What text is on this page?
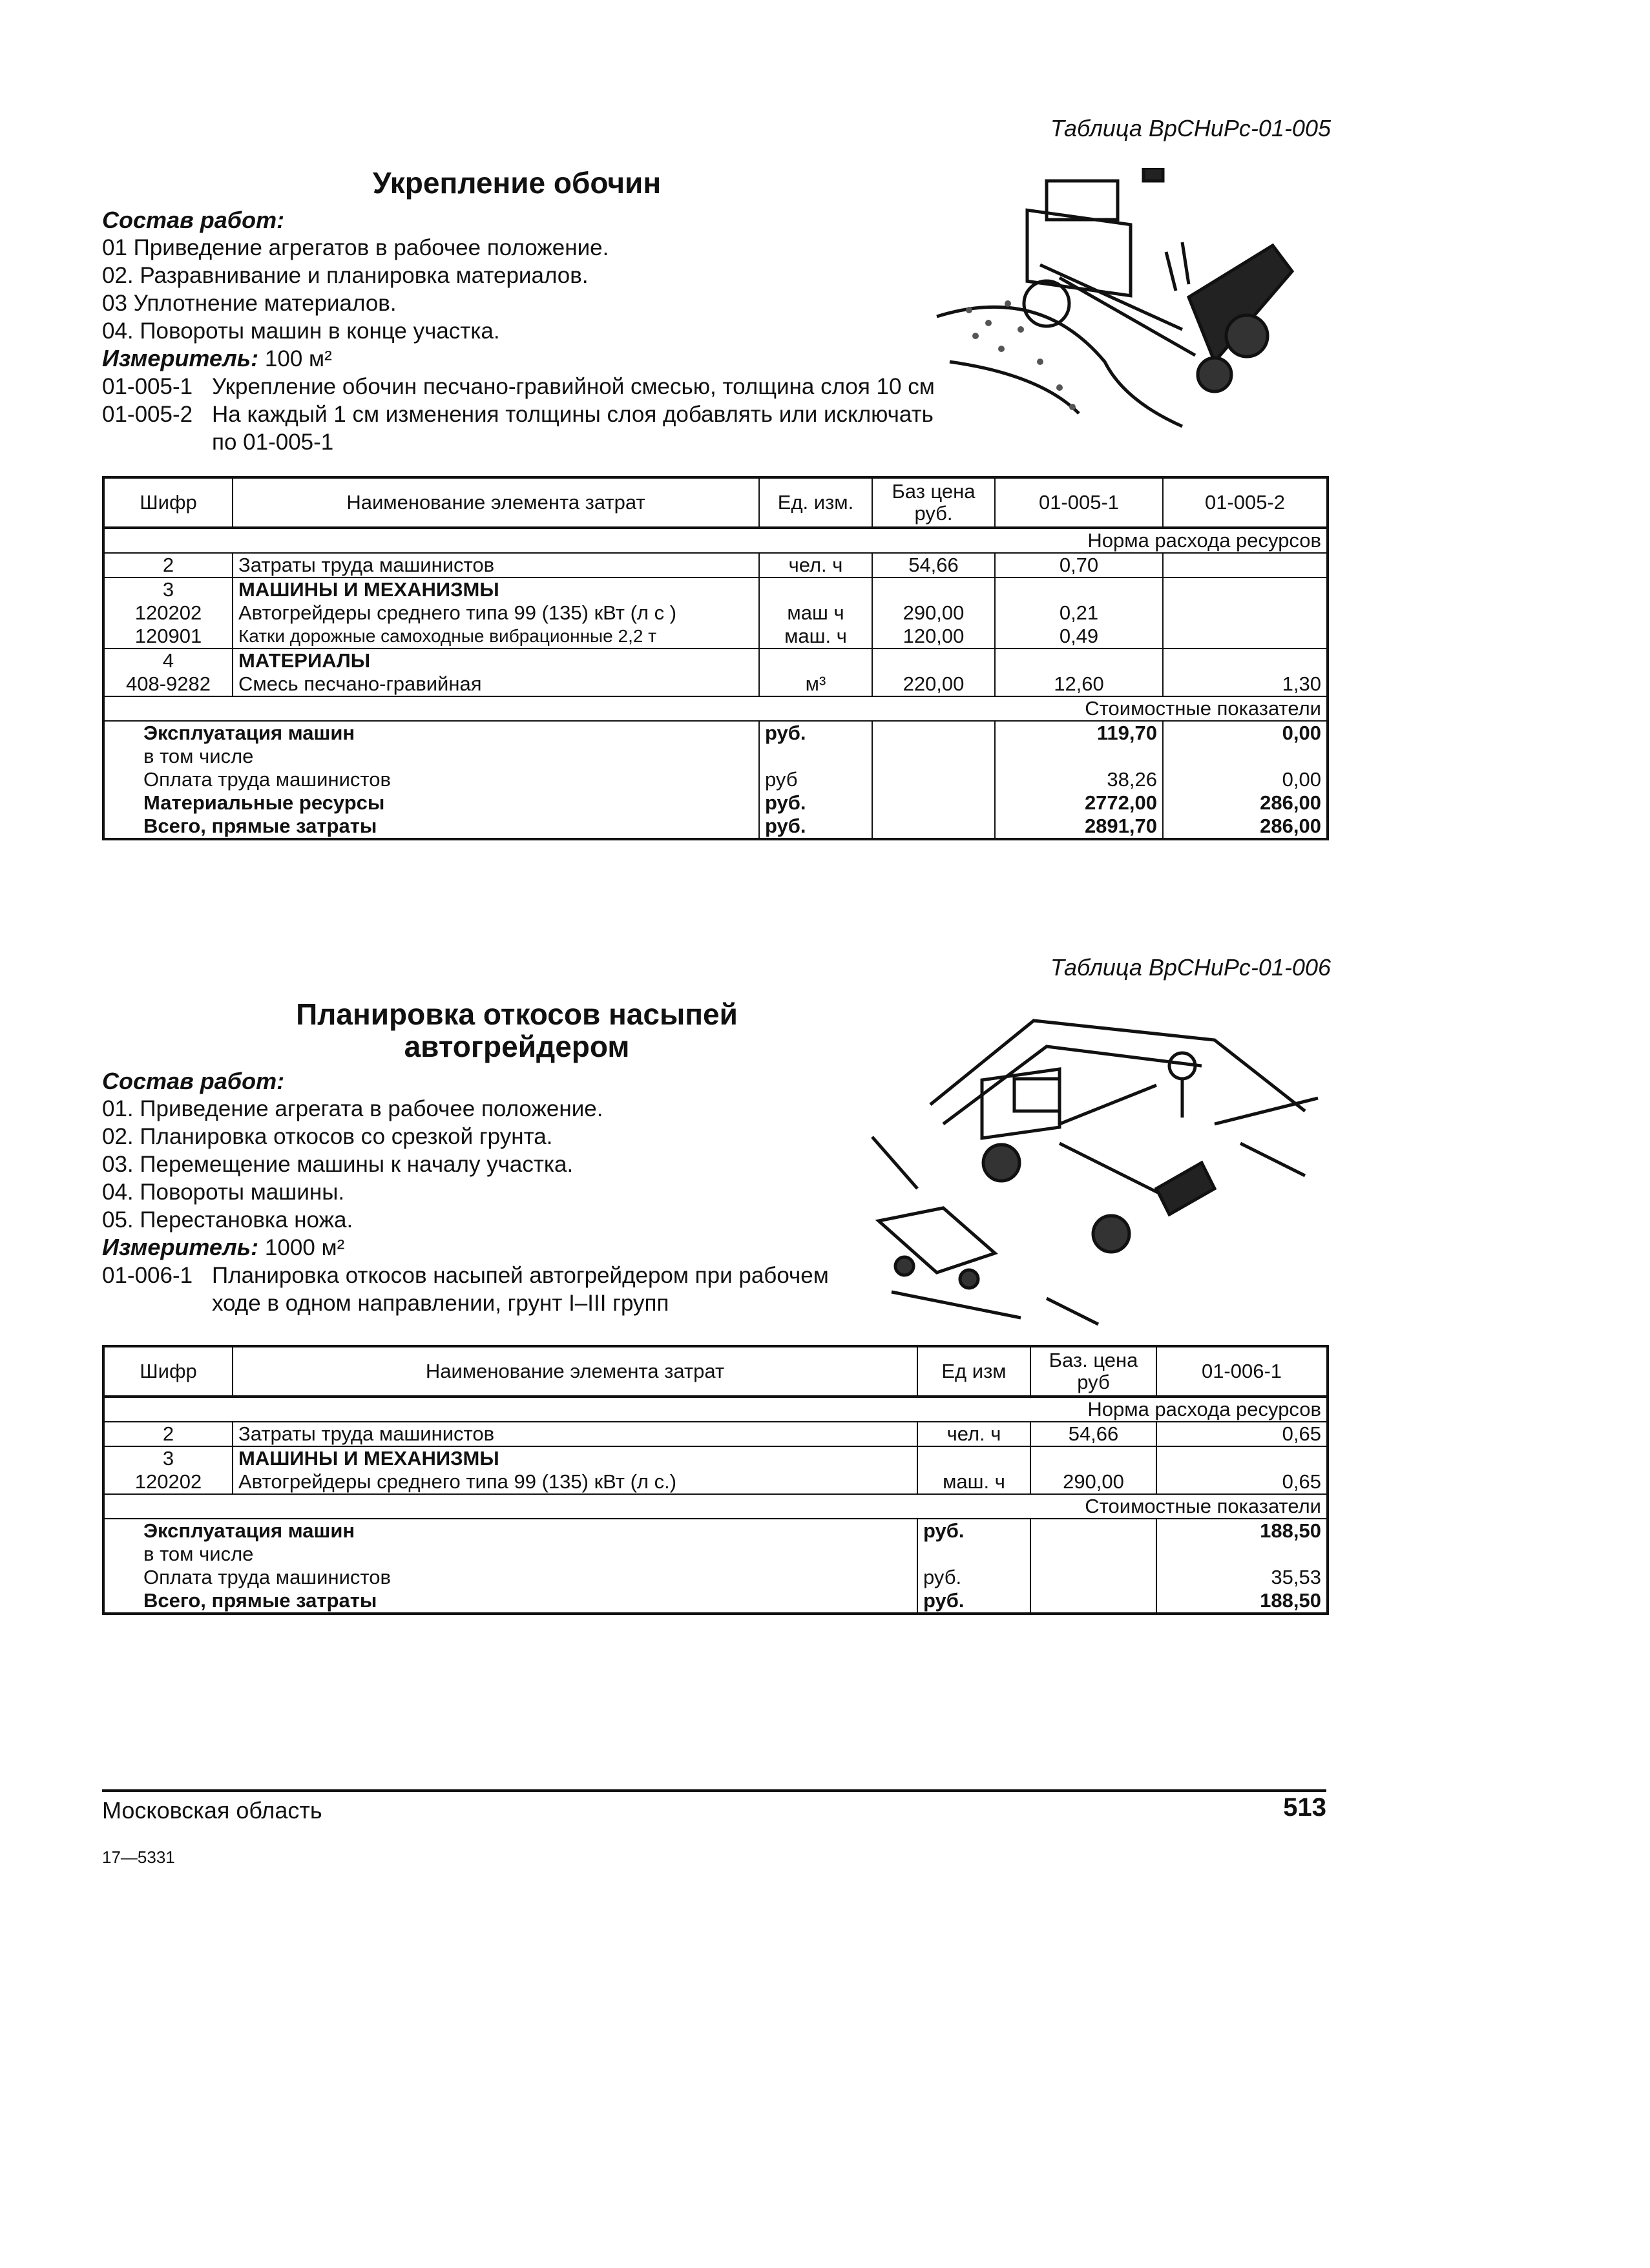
Таблица ВрСНиРс-01-005
Укрепление обочин
Состав работ:
01 Приведение агрегатов в рабочее положение.
02. Разравнивание и планировка материалов.
03 Уплотнение материалов.
04. Повороты машин в конце участка.
Измеритель: 100 м²
01-005-1 Укрепление обочин песчано-гравийной смесью, толщина слоя 10 см
01-005-2 На каждый 1 см изменения толщины слоя добавлять или исключать по 01-005-1
Шифр	Наименование элемента затрат	Ед. изм.	Баз цена руб.	01-005-1	01-005-2
Норма расхода ресурсов					
2	Затраты труда машинистов	чел. ч	54,66	0,70	
3	МАШИНЫ И МЕХАНИЗМЫ				
120202	Автогрейдеры среднего типа 99 (135) кВт (л с )	маш ч	290,00	0,21	
120901	Катки дорожные самоходные вибрационные 2,2 т	маш. ч	120,00	0,49	
4	МАТЕРИАЛЫ				
408-9282	Смесь песчано-гравийная	м³	220,00	12,60	1,30
Стоимостные показатели					
Эксплуатация машин		руб.		119,70	0,00
в том числе					
Оплата труда машинистов		руб		38,26	0,00
Материальные ресурсы		руб.		2772,00	286,00
Всего, прямые затраты		руб.		2891,70	286,00
Таблица ВрСНиРс-01-006
Планировка откосов насыпей
автогрейдером
Состав работ:
01. Приведение агрегата в рабочее положение.
02. Планировка откосов со срезкой грунта.
03. Перемещение машины к началу участка.
04. Повороты машины.
05. Перестановка ножа.
Измеритель: 1000 м²
01-006-1 Планировка откосов насыпей автогрейдером при рабочем ходе в одном направлении, грунт I–III групп
Шифр	Наименование элемента затрат	Ед изм	Баз. цена руб	01-006-1
Норма расхода ресурсов				
2	Затраты труда машинистов	чел. ч	54,66	0,65
3	МАШИНЫ И МЕХАНИЗМЫ			
120202	Автогрейдеры среднего типа 99 (135) кВт (л с.)	маш. ч	290,00	0,65
Стоимостные показатели				
Эксплуатация машин		руб.		188,50
в том числе				
Оплата труда машинистов		руб.		35,53
Всего, прямые затраты		руб.		188,50
Московская область	513
17—5331
